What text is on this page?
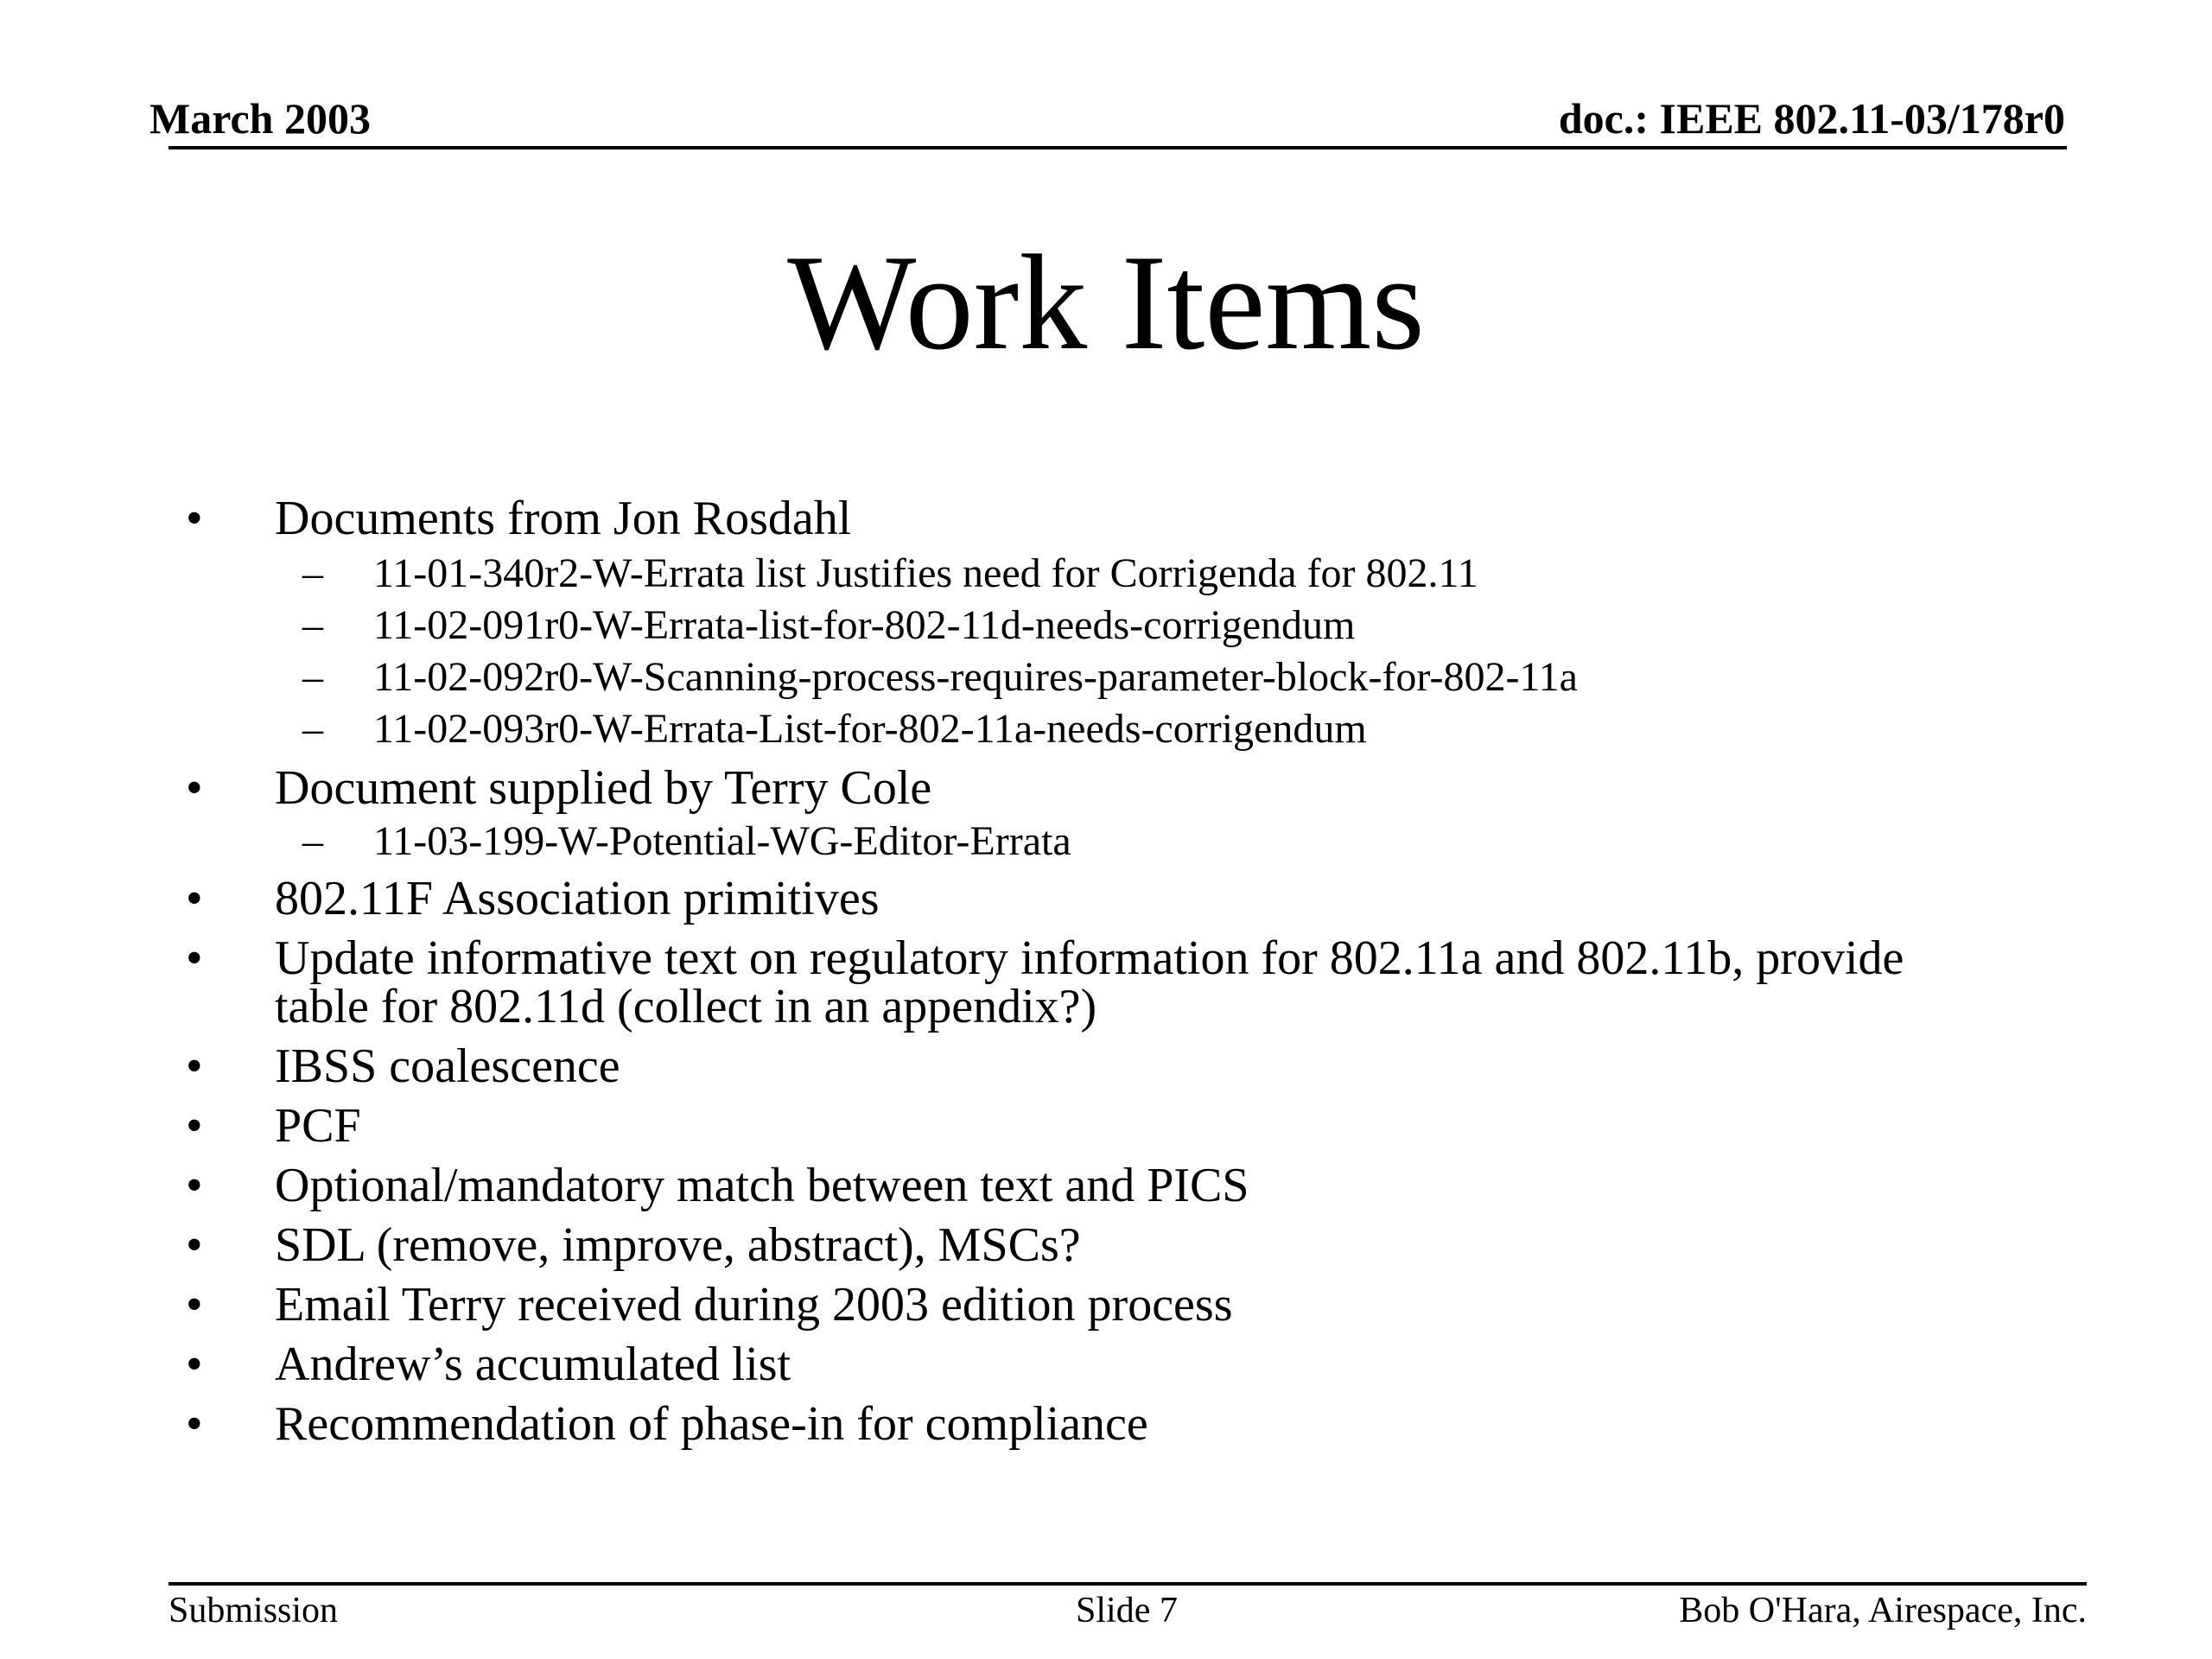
March 2003	doc.: IEEE 802.11-03/178r0
Work Items
• Documents from Jon Rosdahl
– 11-01-340r2-W-Errata list Justifies need for Corrigenda for 802.11
– 11-02-091r0-W-Errata-list-for-802-11d-needs-corrigendum
– 11-02-092r0-W-Scanning-process-requires-parameter-block-for-802-11a
– 11-02-093r0-W-Errata-List-for-802-11a-needs-corrigendum
• Document supplied by Terry Cole
– 11-03-199-W-Potential-WG-Editor-Errata
• 802.11F Association primitives
• Update informative text on regulatory information for 802.11a and 802.11b, provide
table for 802.11d (collect in an appendix?)
• IBSS coalescence
• PCF
• Optional/mandatory match between text and PICS
• SDL (remove, improve, abstract), MSCs?
• Email Terry received during 2003 edition process
• Andrew’s accumulated list
• Recommendation of phase-in for compliance
Submission	Slide 7	Bob O'Hara, Airespace, Inc.
